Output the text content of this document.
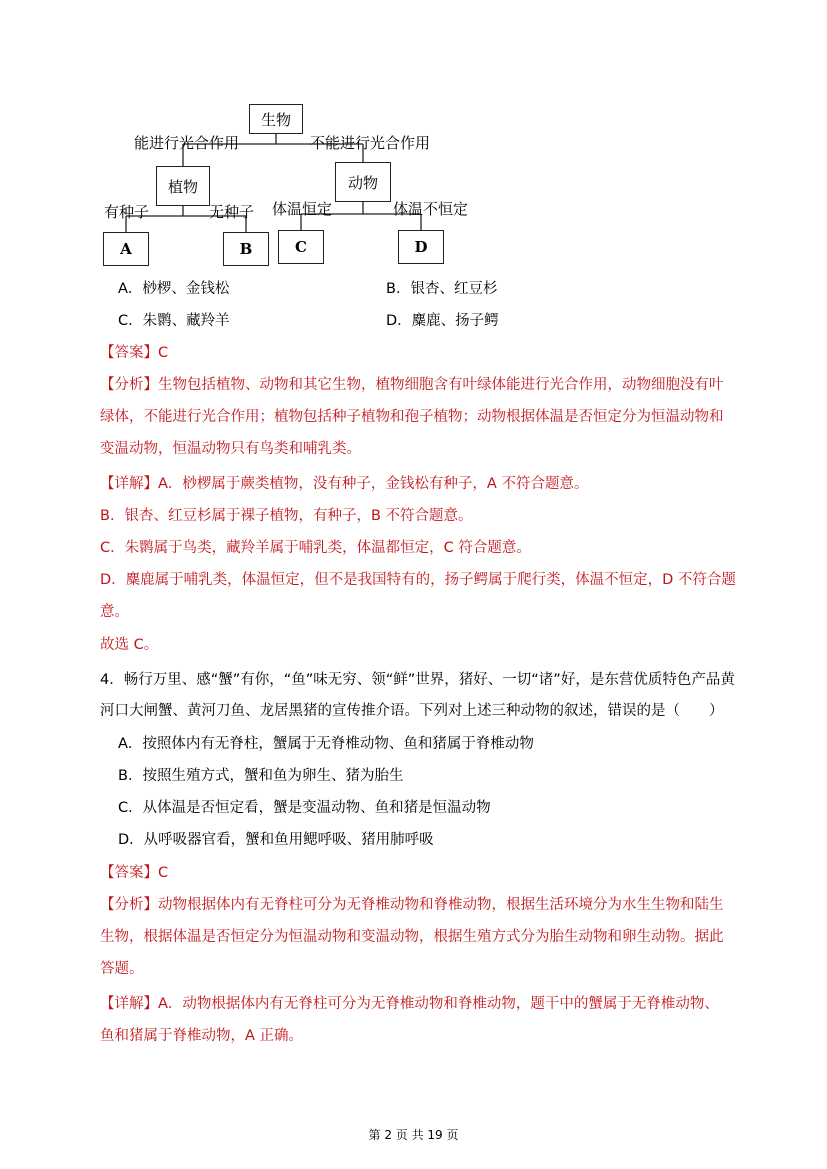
生物
能进行光合作用	不能进行光合作用
植物	动物
有种子	无种子 体温恒定	体温不恒定
A	B	C	D
A．桫椤、金钱松	B．银杏、红豆杉
C．朱鹮、藏羚羊	D．麋鹿、扬子鳄
【答案】C
【分析】生物包括植物、动物和其它生物，植物细胞含有叶绿体能进行光合作用，动物细胞没有叶
绿体，不能进行光合作用；植物包括种子植物和孢子植物；动物根据体温是否恒定分为恒温动物和
变温动物，恒温动物只有鸟类和哺乳类。
【详解】A．桫椤属于蕨类植物，没有种子，金钱松有种子，A 不符合题意。
B．银杏、红豆杉属于裸子植物，有种子，B 不符合题意。
C．朱鹮属于鸟类，藏羚羊属于哺乳类，体温都恒定，C 符合题意。
D．麋鹿属于哺乳类，体温恒定，但不是我国特有的，扬子鳄属于爬行类，体温不恒定，D 不符合题
意。
故选 C。
4．畅行万里、感“蟹”有你，“鱼”味无穷、领“鲜”世界，猪好、一切“诸”好，是东营优质特色产品黄
河口大闸蟹、黄河刀鱼、龙居黑猪的宣传推介语。下列对上述三种动物的叙述，错误的是（　　）
A．按照体内有无脊柱，蟹属于无脊椎动物、鱼和猪属于脊椎动物
B．按照生殖方式，蟹和鱼为卵生、猪为胎生
C．从体温是否恒定看，蟹是变温动物、鱼和猪是恒温动物
D．从呼吸器官看，蟹和鱼用鳃呼吸、猪用肺呼吸
【答案】C
【分析】动物根据体内有无脊柱可分为无脊椎动物和脊椎动物，根据生活环境分为水生生物和陆生
生物，根据体温是否恒定分为恒温动物和变温动物，根据生殖方式分为胎生动物和卵生动物。据此
答题。
【详解】A．动物根据体内有无脊柱可分为无脊椎动物和脊椎动物，题干中的蟹属于无脊椎动物、
鱼和猪属于脊椎动物，A 正确。
第 2 页 共 19 页
